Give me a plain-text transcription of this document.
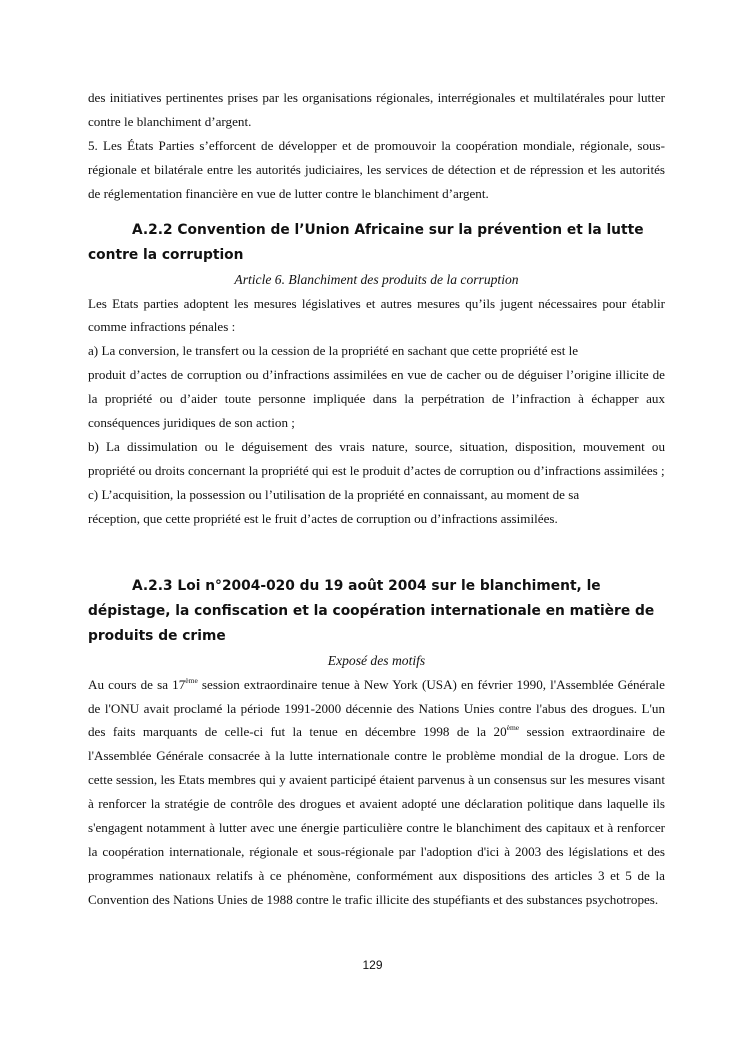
des initiatives pertinentes prises par les organisations régionales, interrégionales et multilatérales pour lutter contre le blanchiment d’argent.

5. Les États Parties s’efforcent de développer et de promouvoir la coopération mondiale, régionale, sous-régionale et bilatérale entre les autorités judiciaires, les services de détection et de répression et les autorités de réglementation financière en vue de lutter contre le blanchiment d’argent.

A.2.2 Convention de l’Union Africaine sur la prévention et la lutte contre la corruption
Article 6. Blanchiment des produits de la corruption

Les Etats parties adoptent les mesures législatives et autres mesures qu’ils jugent nécessaires pour établir comme infractions pénales :

a) La conversion, le transfert ou la cession de la propriété en sachant que cette propriété est le

produit d’actes de corruption ou d’infractions assimilées en vue de cacher ou de déguiser l’origine illicite de la propriété ou d’aider toute personne impliquée dans la perpétration de l’infraction à échapper aux conséquences juridiques de son action ;

b) La dissimulation ou le déguisement des vrais nature, source, situation, disposition, mouvement ou propriété ou droits concernant la propriété qui est le produit d’actes de corruption ou d’infractions assimilées ;

c) L’acquisition, la possession ou l’utilisation de la propriété en connaissant, au moment de sa

réception, que cette propriété est le fruit d’actes de corruption ou d’infractions assimilées.

A.2.3 Loi n°2004-020 du 19 août 2004 sur le blanchiment, le dépistage, la confiscation et la coopération internationale en matière de produits de crime
Exposé des motifs

Au cours de sa 17ème session extraordinaire tenue à New York (USA) en février 1990, l'Assemblée Générale de l'ONU avait proclamé la période 1991-2000 décennie des Nations Unies contre l'abus des drogues. L'un des faits marquants de celle-ci fut la tenue en décembre 1998 de la 20ème session extraordinaire de l'Assemblée Générale consacrée à la lutte internationale contre le problème mondial de la drogue. Lors de cette session, les Etats membres qui y avaient participé étaient parvenus à un consensus sur les mesures visant à renforcer la stratégie de contrôle des drogues et avaient adopté une déclaration politique dans laquelle ils s'engagent notamment à lutter avec une énergie particulière contre le blanchiment des capitaux et à renforcer la coopération internationale, régionale et sous-régionale par l'adoption d'ici à 2003 des législations et des programmes nationaux relatifs à ce phénomène, conformément aux dispositions des articles 3 et 5 de la Convention des Nations Unies de 1988 contre le trafic illicite des stupéfiants et des substances psychotropes.

129
